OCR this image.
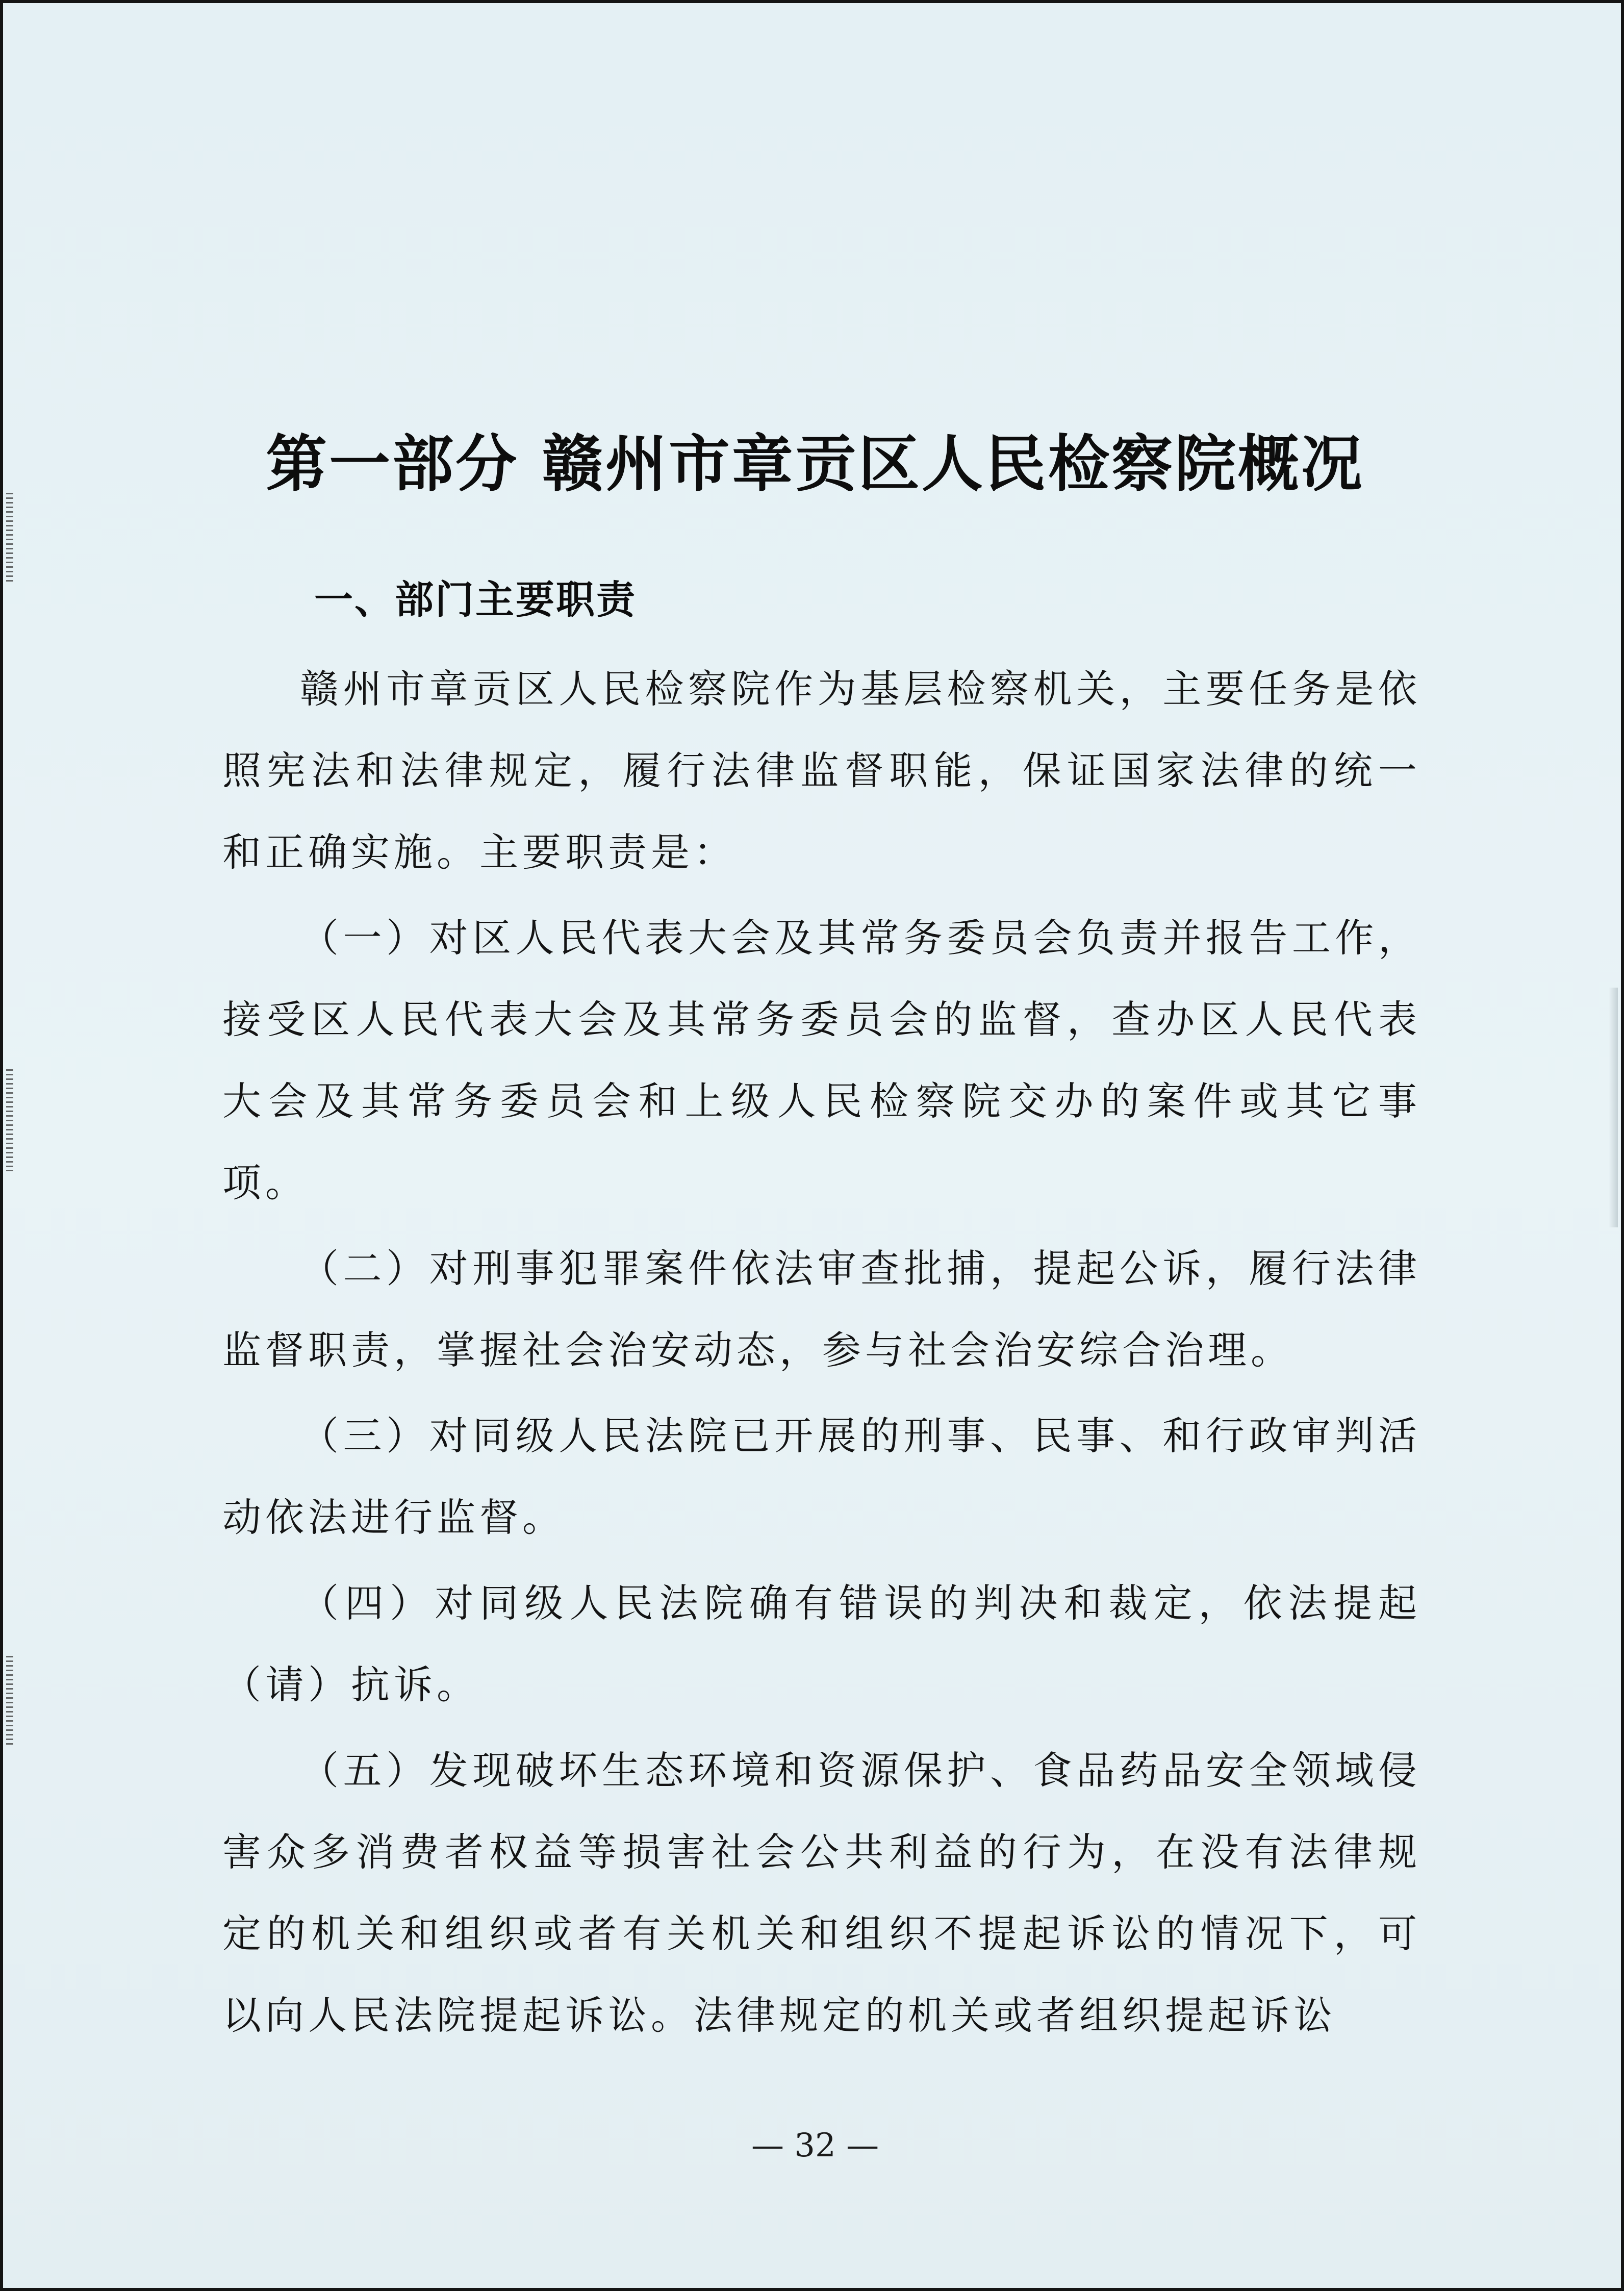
第一部分 赣州市章贡区人民检察院概况
一、部门主要职责

赣州市章贡区人民检察院作为基层检察机关，主要任务是依照宪法和法律规定，履行法律监督职能，保证国家法律的统一和正确实施。主要职责是：

（一）对区人民代表大会及其常务委员会负责并报告工作，接受区人民代表大会及其常务委员会的监督，查办区人民代表大会及其常务委员会和上级人民检察院交办的案件或其它事项。

（二）对刑事犯罪案件依法审查批捕，提起公诉，履行法律监督职责，掌握社会治安动态，参与社会治安综合治理。

（三）对同级人民法院已开展的刑事、民事、和行政审判活动依法进行监督。

（四）对同级人民法院确有错误的判决和裁定，依法提起（请）抗诉。

（五）发现破坏生态环境和资源保护、食品药品安全领域侵害众多消费者权益等损害社会公共利益的行为，在没有法律规定的机关和组织或者有关机关和组织不提起诉讼的情况下，可以向人民法院提起诉讼。法律规定的机关或者组织提起诉讼

— 32 —
